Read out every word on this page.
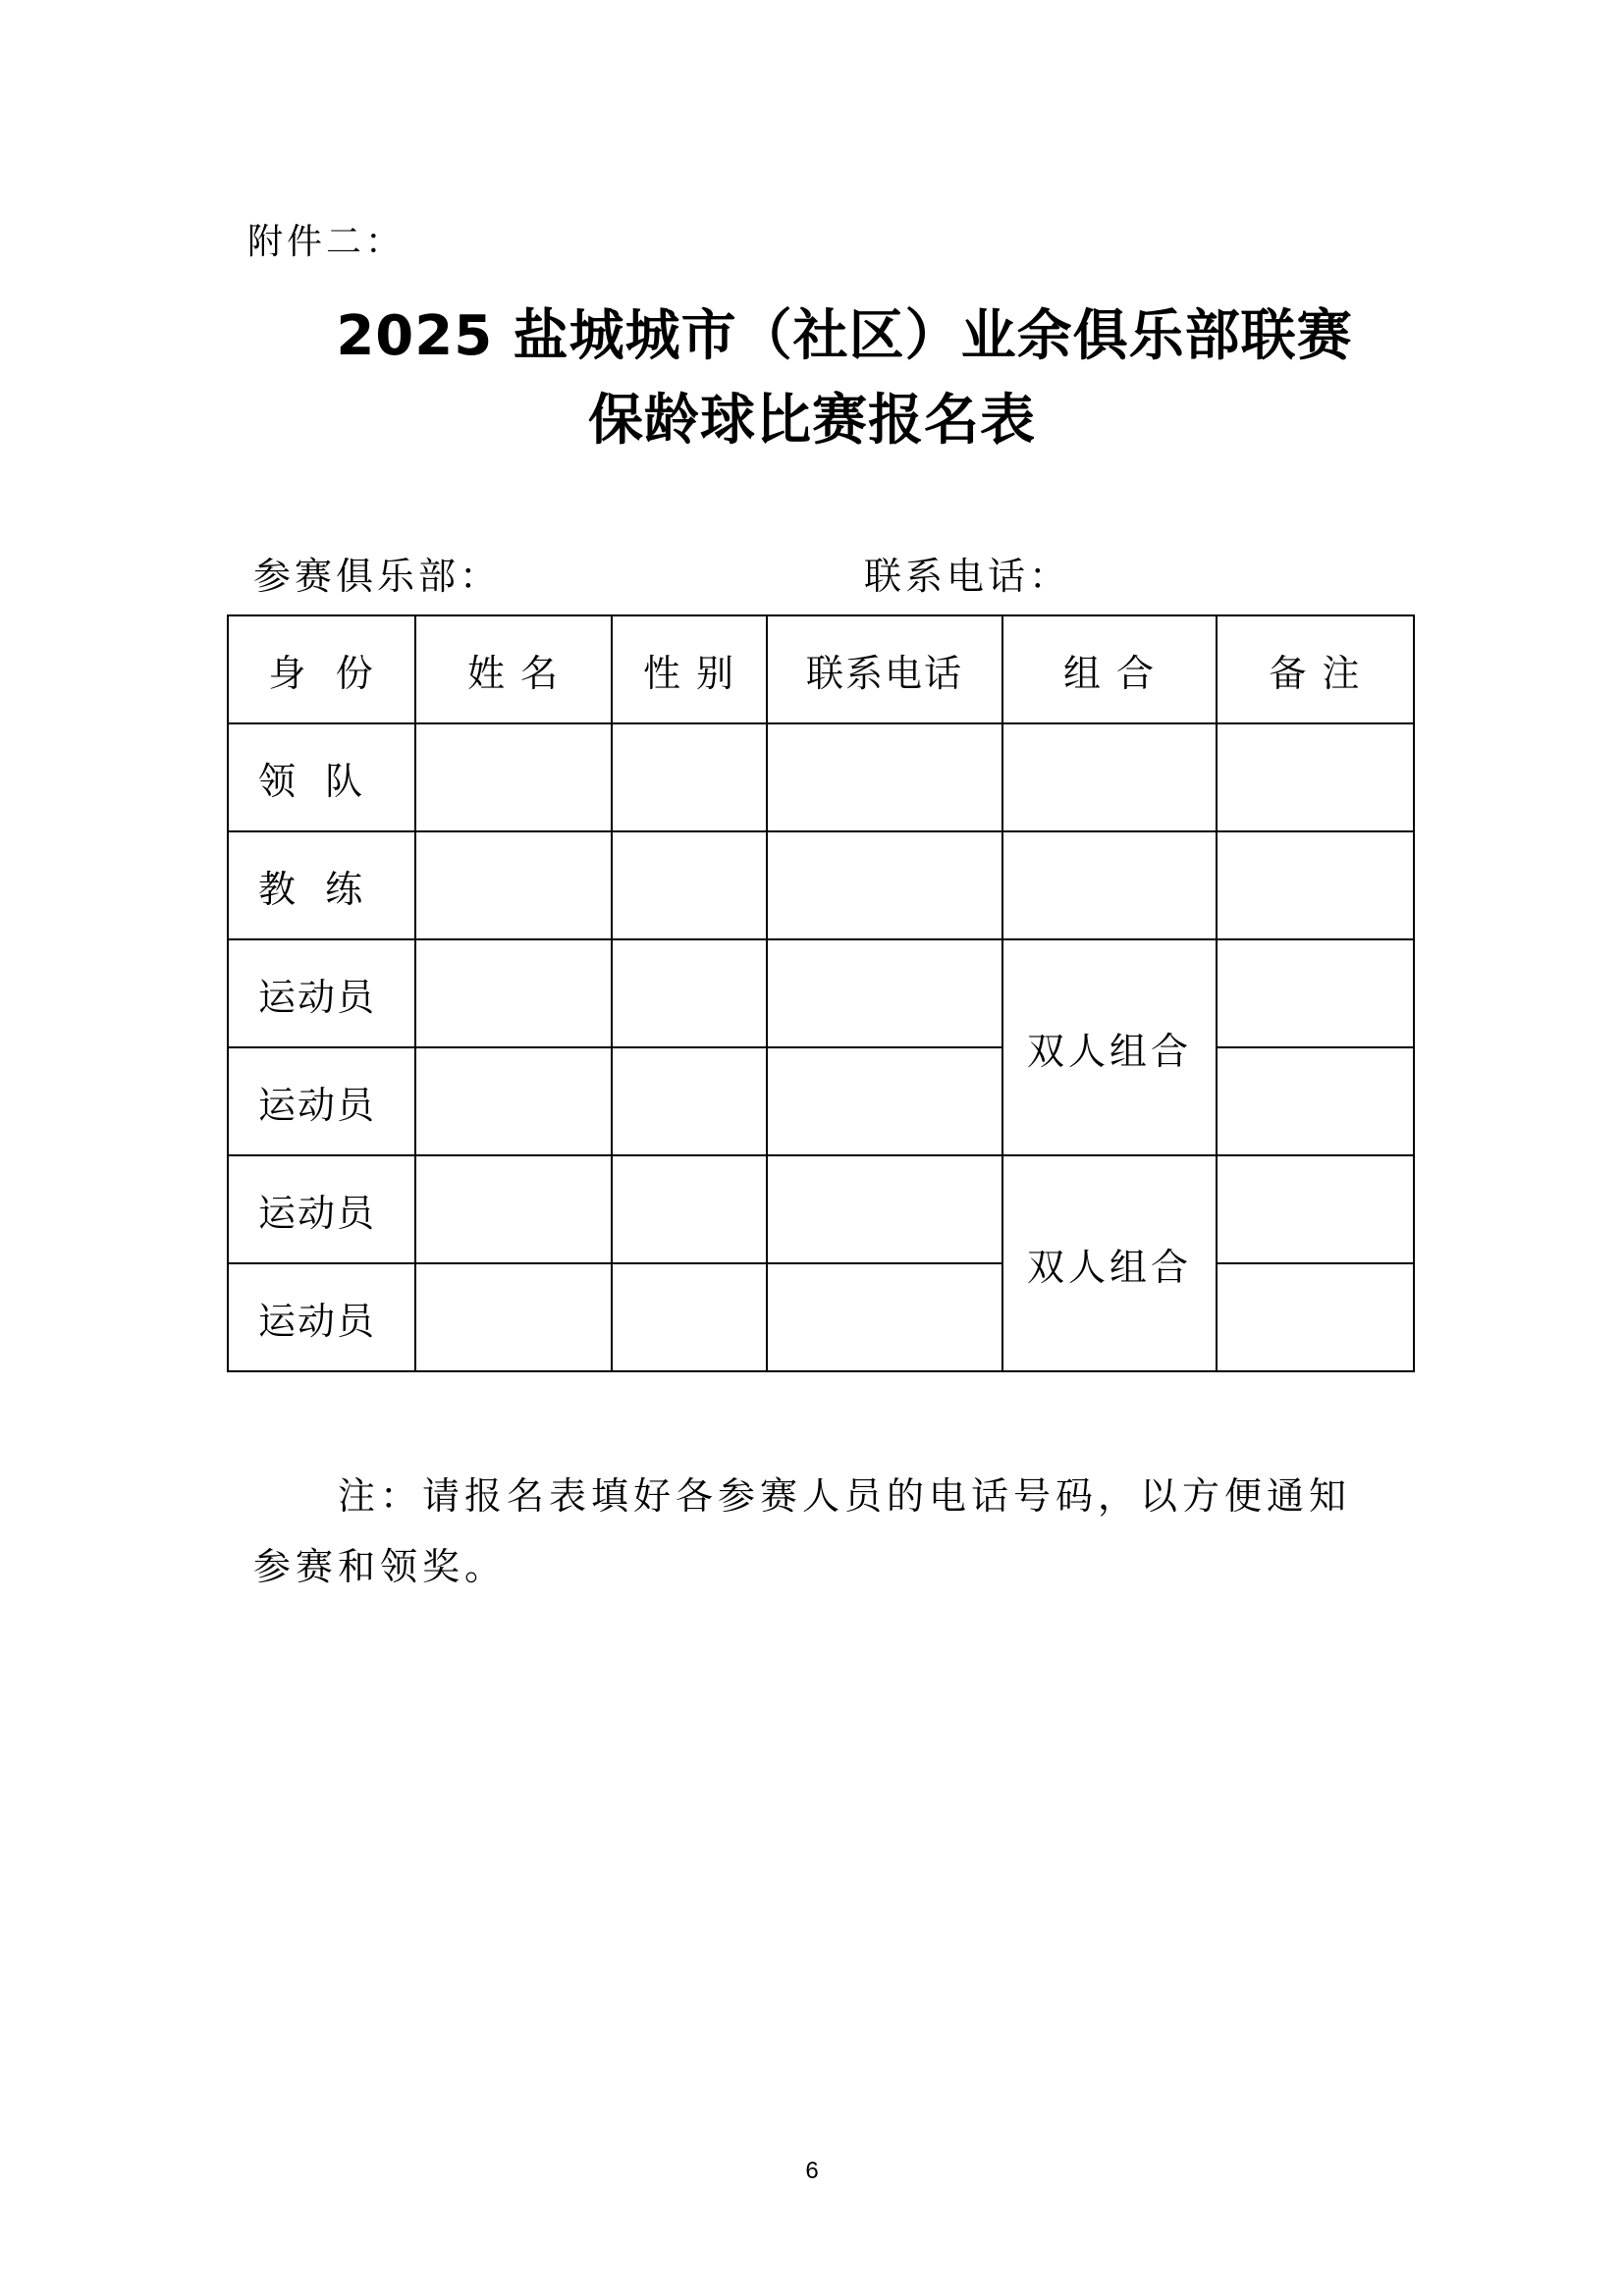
附件二：
2025 盐城城市（社区）业余俱乐部联赛
保龄球比赛报名表
参赛俱乐部：	联系电话：
身  份	姓 名	性 别	联系电话	组 合	备 注
领  队					
教  练					
运动员				双人组合	
运动员					
运动员				双人组合	
运动员					
注：请报名表填好各参赛人员的电话号码，以方便通知参赛和领奖。
6
